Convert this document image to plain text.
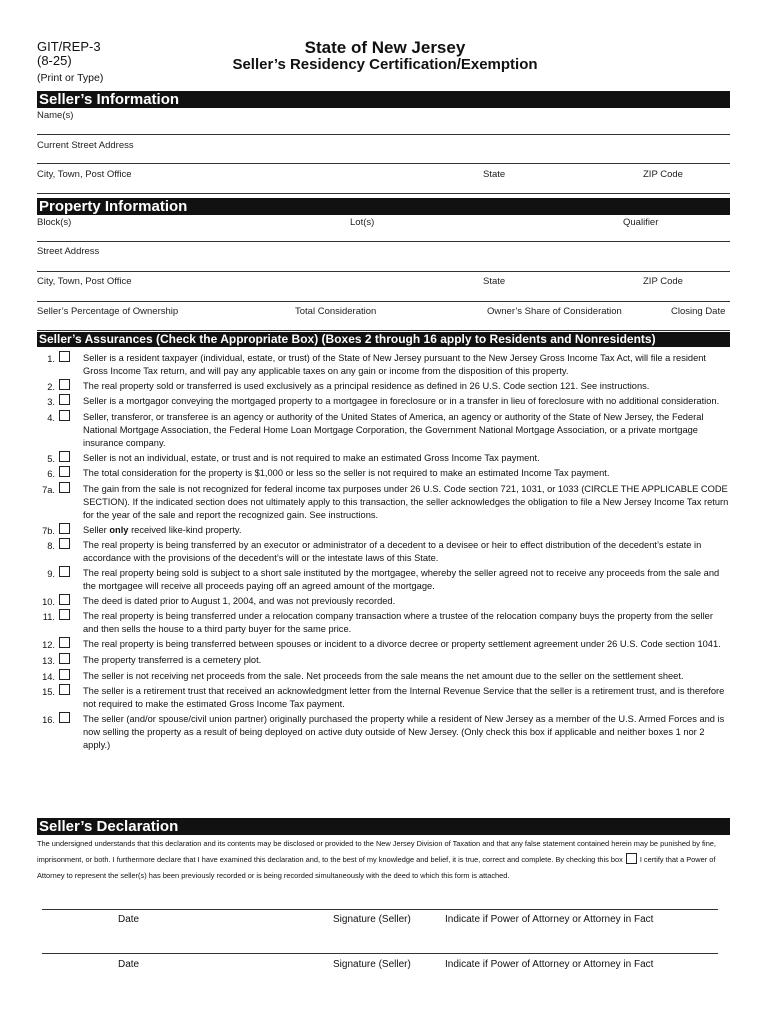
GIT/REP-3
(8-25)
(Print or Type)
State of New Jersey
Seller’s Residency Certification/Exemption
Seller’s Information
Name(s)
Current Street Address
City, Town, Post Office	State	ZIP Code
Property Information
Block(s)	Lot(s)	Qualifier
Street Address
City, Town, Post Office	State	ZIP Code
Seller’s Percentage of Ownership	Total Consideration	Owner’s Share of Consideration	Closing Date
Seller’s Assurances (Check the Appropriate Box) (Boxes 2 through 16 apply to Residents and Nonresidents)
1.	Seller is a resident taxpayer (individual, estate, or trust) of the State of New Jersey pursuant to the New Jersey Gross Income Tax Act, will file a resident Gross Income Tax return, and will pay any applicable taxes on any gain or income from the disposition of this property.
2.	The real property sold or transferred is used exclusively as a principal residence as defined in 26 U.S. Code section 121. See instructions.
3.	Seller is a mortgagor conveying the mortgaged property to a mortgagee in foreclosure or in a transfer in lieu of foreclosure with no additional consideration.
4.	Seller, transferor, or transferee is an agency or authority of the United States of America, an agency or authority of the State of New Jersey, the Federal National Mortgage Association, the Federal Home Loan Mortgage Corporation, the Government National Mortgage Association, or a private mortgage insurance company.
5.	Seller is not an individual, estate, or trust and is not required to make an estimated Gross Income Tax payment.
6.	The total consideration for the property is $1,000 or less so the seller is not required to make an estimated Income Tax payment.
7a.	The gain from the sale is not recognized for federal income tax purposes under 26 U.S. Code section 721, 1031, or 1033 (CIRCLE THE APPLICABLE CODE SECTION). If the indicated section does not ultimately apply to this transaction, the seller acknowledges the obligation to file a New Jersey Income Tax return for the year of the sale and report the recognized gain. See instructions.
7b.	Seller only received like-kind property.
8.	The real property is being transferred by an executor or administrator of a decedent to a devisee or heir to effect distribution of the decedent’s estate in accordance with the provisions of the decedent’s will or the intestate laws of this State.
9.	The real property being sold is subject to a short sale instituted by the mortgagee, whereby the seller agreed not to receive any proceeds from the sale and the mortgagee will receive all proceeds paying off an agreed amount of the mortgage.
10.	The deed is dated prior to August 1, 2004, and was not previously recorded.
11.	The real property is being transferred under a relocation company transaction where a trustee of the relocation company buys the property from the seller and then sells the house to a third party buyer for the same price.
12.	The real property is being transferred between spouses or incident to a divorce decree or property settlement agreement under 26 U.S. Code section 1041.
13.	The property transferred is a cemetery plot.
14.	The seller is not receiving net proceeds from the sale. Net proceeds from the sale means the net amount due to the seller on the settlement sheet.
15.	The seller is a retirement trust that received an acknowledgment letter from the Internal Revenue Service that the seller is a retirement trust, and is therefore not required to make the estimated Gross Income Tax payment.
16.	The seller (and/or spouse/civil union partner) originally purchased the property while a resident of New Jersey as a member of the U.S. Armed Forces and is now selling the property as a result of being deployed on active duty outside of New Jersey. (Only check this box if applicable and neither boxes 1 nor 2 apply.)
Seller’s Declaration
The undersigned understands that this declaration and its contents may be disclosed or provided to the New Jersey Division of Taxation and that any false statement contained herein may be punished by fine, imprisonment, or both. I furthermore declare that I have examined this declaration and, to the best of my knowledge and belief, it is true, correct and complete. By checking this box I certify that a Power of Attorney to represent the seller(s) has been previously recorded or is being recorded simultaneously with the deed to which this form is attached.
Date	Signature (Seller)	Indicate if Power of Attorney or Attorney in Fact
Date	Signature (Seller)	Indicate if Power of Attorney or Attorney in Fact
